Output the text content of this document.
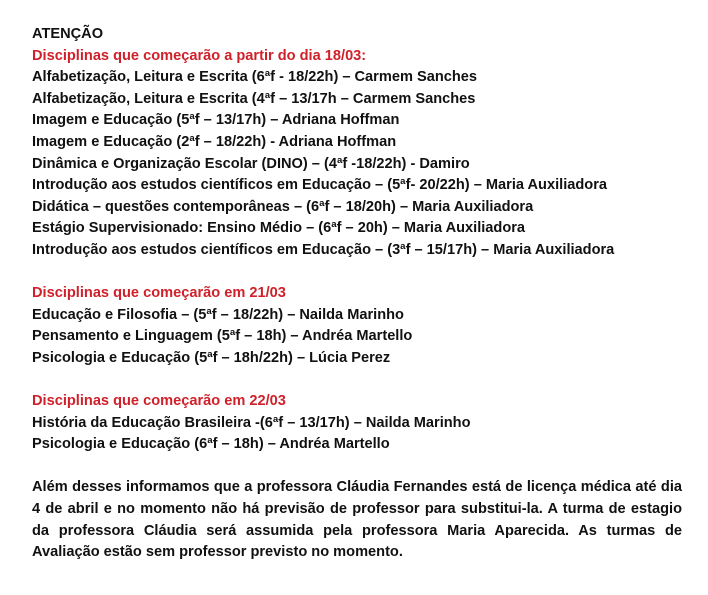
ATENÇÃO
Disciplinas que começarão a partir do dia 18/03:
Alfabetização, Leitura e Escrita (6ªf - 18/22h) – Carmem Sanches
Alfabetização, Leitura e Escrita (4ªf – 13/17h – Carmem Sanches
Imagem e Educação (5ªf – 13/17h) – Adriana Hoffman
Imagem e Educação (2ªf – 18/22h) - Adriana Hoffman
Dinâmica e Organização Escolar (DINO) – (4ªf -18/22h) - Damiro
Introdução aos estudos científicos em Educação – (5ªf- 20/22h) – Maria Auxiliadora
Didática – questões contemporâneas – (6ªf – 18/20h) – Maria Auxiliadora
Estágio Supervisionado: Ensino Médio – (6ªf – 20h) – Maria Auxiliadora
Introdução aos estudos científicos em Educação – (3ªf – 15/17h) – Maria Auxiliadora
Disciplinas que começarão em 21/03
Educação e Filosofia – (5ªf – 18/22h) – Nailda Marinho
Pensamento e Linguagem (5ªf – 18h) – Andréa Martello
Psicologia e Educação (5ªf – 18h/22h) – Lúcia Perez
Disciplinas que começarão em 22/03
História da Educação Brasileira -(6ªf – 13/17h) – Nailda Marinho
Psicologia e Educação (6ªf – 18h) – Andréa Martello
Além desses informamos que a professora Cláudia Fernandes está de licença médica até dia 4 de abril e no momento não há previsão de professor para substitui-la. A turma de estagio da professora Cláudia será assumida pela professora Maria Aparecida. As turmas de Avaliação estão sem professor previsto no momento.
